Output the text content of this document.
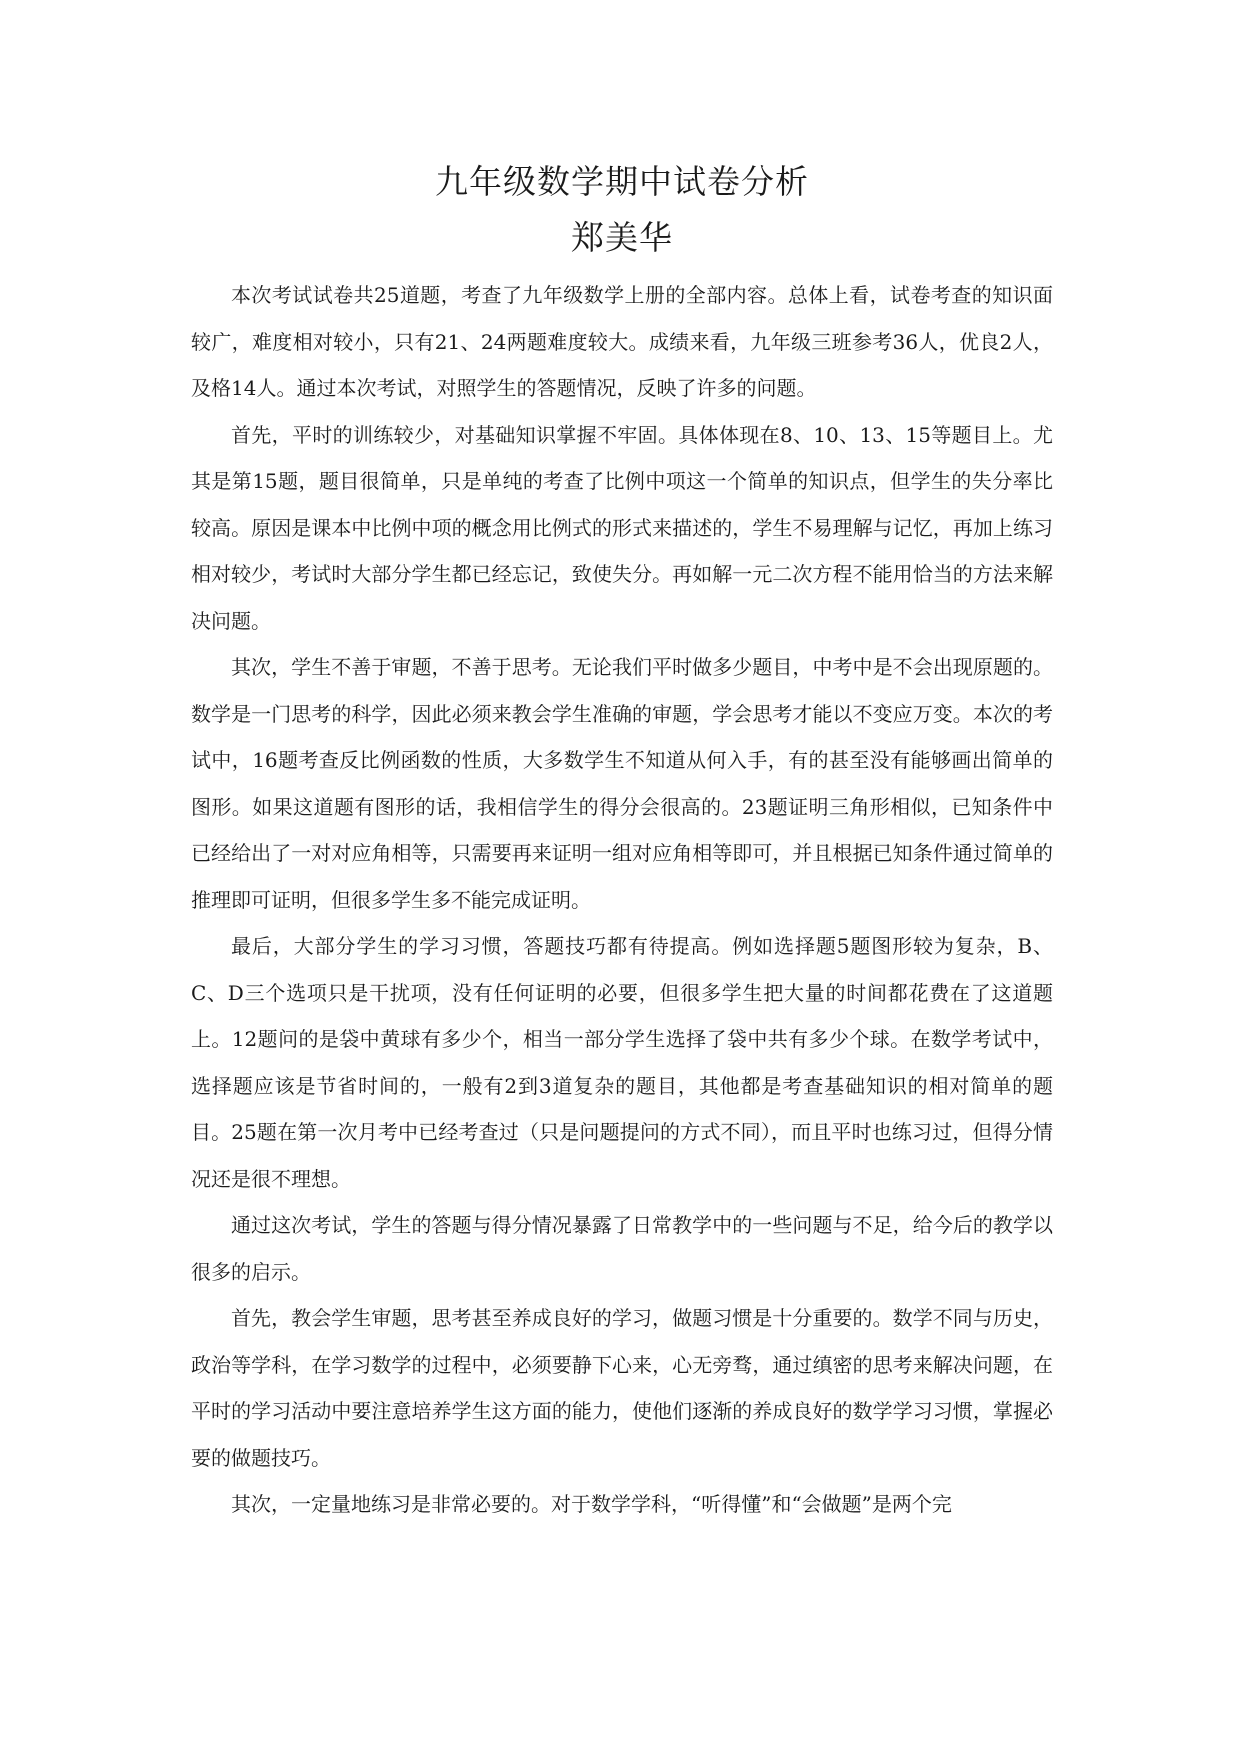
九年级数学期中试卷分析
郑美华

本次考试试卷共25道题，考查了九年级数学上册的全部内容。总体上看，试卷考查的知识面较广，难度相对较小，只有21、24两题难度较大。成绩来看，九年级三班参考36人，优良2人，及格14人。通过本次考试，对照学生的答题情况，反映了许多的问题。

首先，平时的训练较少，对基础知识掌握不牢固。具体体现在8、10、13、15等题目上。尤其是第15题，题目很简单，只是单纯的考查了比例中项这一个简单的知识点，但学生的失分率比较高。原因是课本中比例中项的概念用比例式的形式来描述的，学生不易理解与记忆，再加上练习相对较少，考试时大部分学生都已经忘记，致使失分。再如解一元二次方程不能用恰当的方法来解决问题。

其次，学生不善于审题，不善于思考。无论我们平时做多少题目，中考中是不会出现原题的。数学是一门思考的科学，因此必须来教会学生准确的审题，学会思考才能以不变应万变。本次的考试中，16题考查反比例函数的性质，大多数学生不知道从何入手，有的甚至没有能够画出简单的图形。如果这道题有图形的话，我相信学生的得分会很高的。23题证明三角形相似，已知条件中已经给出了一对对应角相等，只需要再来证明一组对应角相等即可，并且根据已知条件通过简单的推理即可证明，但很多学生多不能完成证明。

最后，大部分学生的学习习惯，答题技巧都有待提高。例如选择题5题图形较为复杂，B、C、D三个选项只是干扰项，没有任何证明的必要，但很多学生把大量的时间都花费在了这道题上。12题问的是袋中黄球有多少个，相当一部分学生选择了袋中共有多少个球。在数学考试中，选择题应该是节省时间的，一般有2到3道复杂的题目，其他都是考查基础知识的相对简单的题目。25题在第一次月考中已经考查过（只是问题提问的方式不同），而且平时也练习过，但得分情况还是很不理想。

通过这次考试，学生的答题与得分情况暴露了日常教学中的一些问题与不足，给今后的教学以很多的启示。

首先，教会学生审题，思考甚至养成良好的学习，做题习惯是十分重要的。数学不同与历史，政治等学科，在学习数学的过程中，必须要静下心来，心无旁骛，通过缜密的思考来解决问题，在平时的学习活动中要注意培养学生这方面的能力，使他们逐渐的养成良好的数学学习习惯，掌握必要的做题技巧。

其次，一定量地练习是非常必要的。对于数学学科，“听得懂”和“会做题”是两个完
